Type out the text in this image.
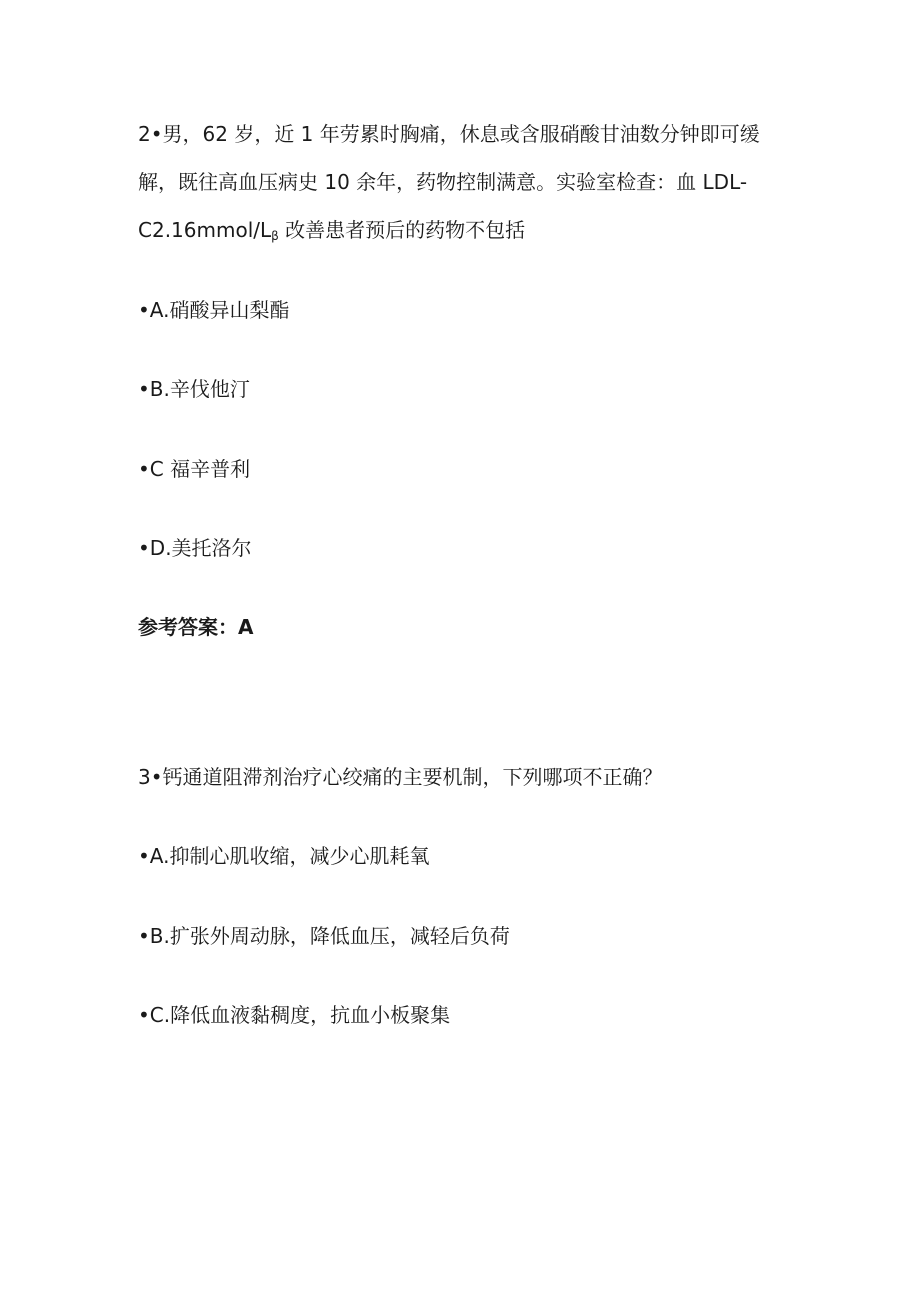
2•男，62 岁，近 1 年劳累时胸痛，休息或含服硝酸甘油数分钟即可缓

解，既往高血压病史 10 余年，药物控制满意。实验室检查：血 LDL-

$C2.16mmol/L_\beta$ 改善患者预后的药物不包括

•A.硝酸异山梨酯

•B.辛伐他汀

•C 福辛普利

•D.美托洛尔

参考答案：A

3•钙通道阻滞剂治疗心绞痛的主要机制，下列哪项不正确？

•A.抑制心肌收缩，减少心肌耗氧

•B.扩张外周动脉，降低血压，减轻后负荷

•C.降低血液黏稠度，抗血小板聚集
